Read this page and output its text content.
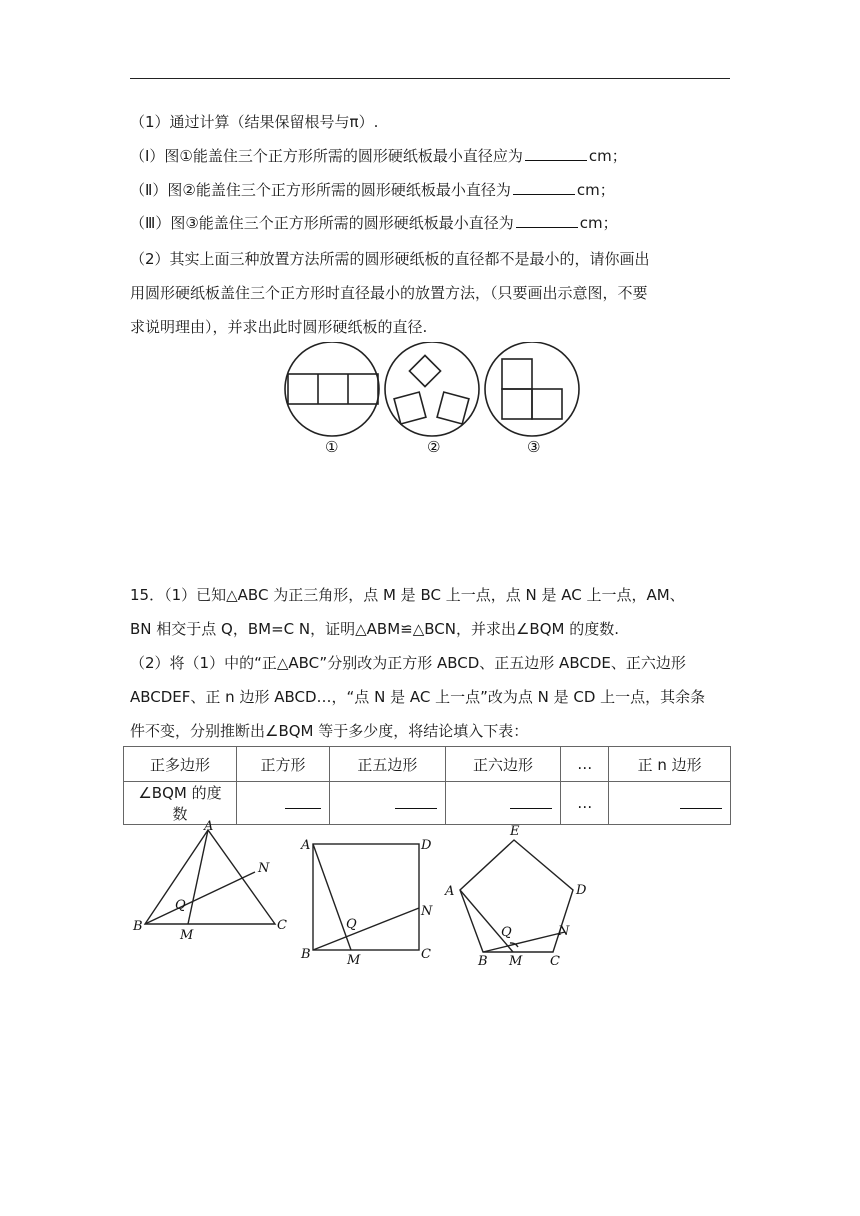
（1）通过计算（结果保留根号与π）.
（Ⅰ）图①能盖住三个正方形所需的圆形硬纸板最小直径应为	cm；
（Ⅱ）图②能盖住三个正方形所需的圆形硬纸板最小直径为	cm；
（Ⅲ）图③能盖住三个正方形所需的圆形硬纸板最小直径为	cm；
（2）其实上面三种放置方法所需的圆形硬纸板的直径都不是最小的，请你画出
用圆形硬纸板盖住三个正方形时直径最小的放置方法，（只要画出示意图，不要
求说明理由），并求出此时圆形硬纸板的直径.
①	②	③
15．（1）已知△ABC 为正三角形，点 M 是 BC 上一点，点 N 是 AC 上一点，AM、
BN 相交于点 Q，BM=C N，证明△ABM≌△BCN，并求出∠BQM 的度数.
（2）将（1）中的“正△ABC”分别改为正方形 ABCD、正五边形 ABCDE、正六边形
ABCDEF、正 n 边形 ABCD…，“点 N 是 AC 上一点”改为点 N 是 CD 上一点，其余条
件不变，分别推断出∠BQM 等于多少度，将结论填入下表：
正多边形	正方形	正五边形	正六边形	…	正 n 边形
∠BQM 的度数				…	
A
B	C
M
N
Q
A	D
B	C
M
N
Q
E
D
A
B	C
M
N
Q
